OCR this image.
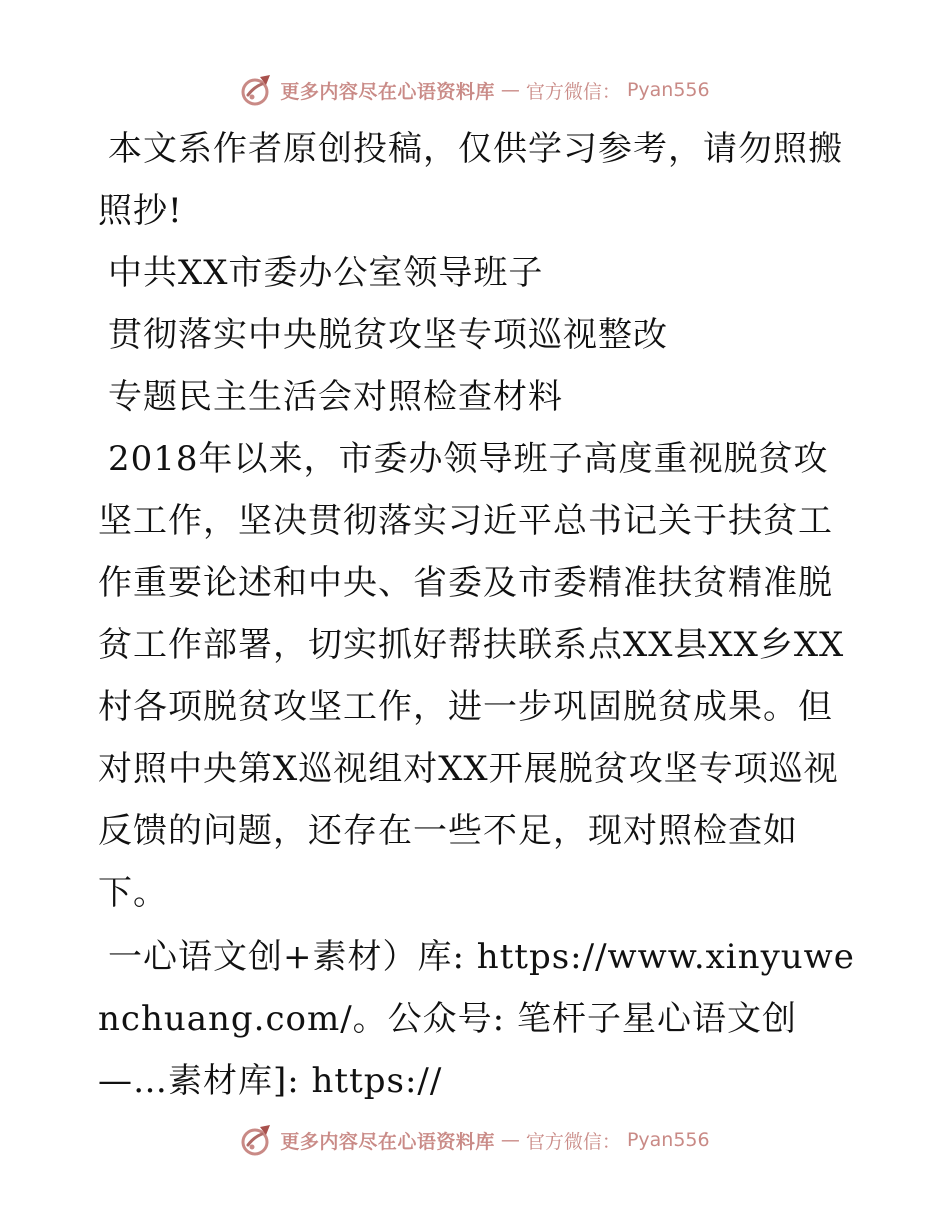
更多内容尽在心语资料库 — 官方微信： Pyan556

本文系作者原创投稿，仅供学习参考，请勿照搬照抄!

中共XX市委办公室领导班子

贯彻落实中央脱贫攻坚专项巡视整改

专题民主生活会对照检查材料

2018年以来，市委办领导班子高度重视脱贫攻坚工作，坚决贯彻落实习近平总书记关于扶贫工作重要论述和中央、省委及市委精准扶贫精准脱贫工作部署，切实抓好帮扶联系点XX县XX乡XX村各项脱贫攻坚工作，进一步巩固脱贫成果。但对照中央第X巡视组对XX开展脱贫攻坚专项巡视反馈的问题，还存在一些不足，现对照检查如下。

一心语文创+素材）库: https://www.xinyuwenchuang.com/。公众号: 笔杆子星心语文创—…素材库]: https://

更多内容尽在心语资料库 — 官方微信： Pyan556
